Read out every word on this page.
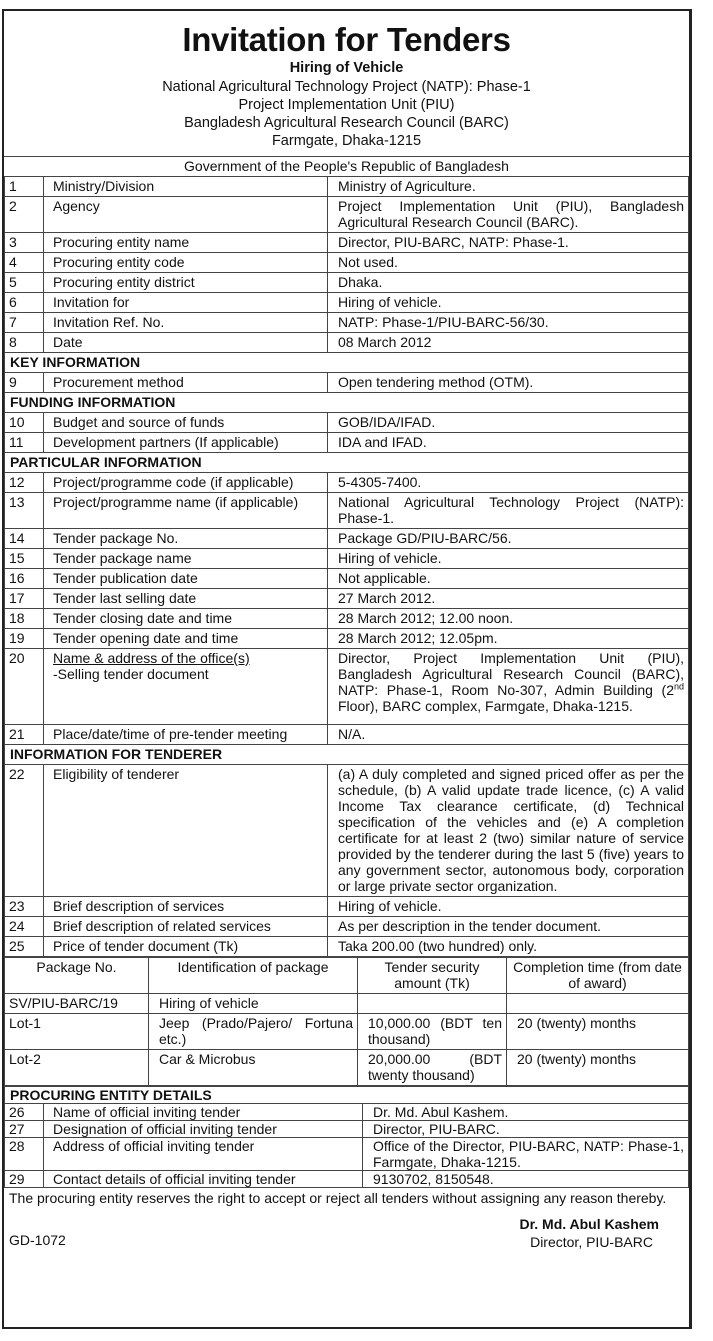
Invitation for Tenders
Hiring of Vehicle
National Agricultural Technology Project (NATP): Phase-1
Project Implementation Unit (PIU)
Bangladesh Agricultural Research Council (BARC)
Farmgate, Dhaka-1215
Government of the People's Republic of Bangladesh
1	Ministry/Division	Ministry of Agriculture.
2	Agency	Project Implementation Unit (PIU), Bangladesh Agricultural Research Council (BARC).
3	Procuring entity name	Director, PIU-BARC, NATP: Phase-1.
4	Procuring entity code	Not used.
5	Procuring entity district	Dhaka.
6	Invitation for	Hiring of vehicle.
7	Invitation Ref. No.	NATP: Phase-1/PIU-BARC-56/30.
8	Date	08 March 2012
KEY INFORMATION		
9	Procurement method	Open tendering method (OTM).
FUNDING INFORMATION		
10	Budget and source of funds	GOB/IDA/IFAD.
11	Development partners (If applicable)	IDA and IFAD.
PARTICULAR INFORMATION		
12	Project/programme code (if applicable)	5-4305-7400.
13	Project/programme name (if applicable)	National Agricultural Technology Project (NATP): Phase-1.
14	Tender package No.	Package GD/PIU-BARC/56.
15	Tender package name	Hiring of vehicle.
16	Tender publication date	Not applicable.
17	Tender last selling date	27 March 2012.
18	Tender closing date and time	28 March 2012; 12.00 noon.
19	Tender opening date and time	28 March 2012; 12.05pm.
20	Name & address of the office(s)
-Selling tender document	Director, Project Implementation Unit (PIU), Bangladesh Agricultural Research Council (BARC), NATP: Phase-1, Room No-307, Admin Building (2nd Floor), BARC complex, Farmgate, Dhaka-1215.

21	Place/date/time of pre-tender meeting	N/A.
INFORMATION FOR TENDERER		
22	Eligibility of tenderer	(a) A duly completed and signed priced offer as per the schedule, (b) A valid update trade licence, (c) A valid Income Tax clearance certificate, (d) Technical specification of the vehicles and (e) A completion certificate for at least 2 (two) similar nature of service provided by the tenderer during the last 5 (five) years to any government sector, autonomous body, corporation or large private sector organization.
23	Brief description of services	Hiring of vehicle.
24	Brief description of related services	As per description in the tender document.
25	Price of tender document (Tk)	Taka 200.00 (two hundred) only.
Package No.	Identification of package	Tender security amount (Tk)	Completion time (from date of award)
SV/PIU-BARC/19	Hiring of vehicle		
Lot-1	Jeep (Prado/Pajero/ Fortuna etc.)	10,000.00 (BDT ten thousand)	20 (twenty) months
Lot-2	Car & Microbus	20,000.00 (BDT twenty thousand)	20 (twenty) months
PROCURING ENTITY DETAILS		
26	Name of official inviting tender	Dr. Md. Abul Kashem.
27	Designation of official inviting tender	Director, PIU-BARC.
28	Address of official inviting tender	Office of the Director, PIU-BARC, NATP: Phase-1, Farmgate, Dhaka-1215.
29	Contact details of official inviting tender	9130702, 8150548.
The procuring entity reserves the right to accept or reject all tenders without assigning any reason thereby.
GD-1072
Dr. Md. Abul Kashem
Director, PIU-BARC
